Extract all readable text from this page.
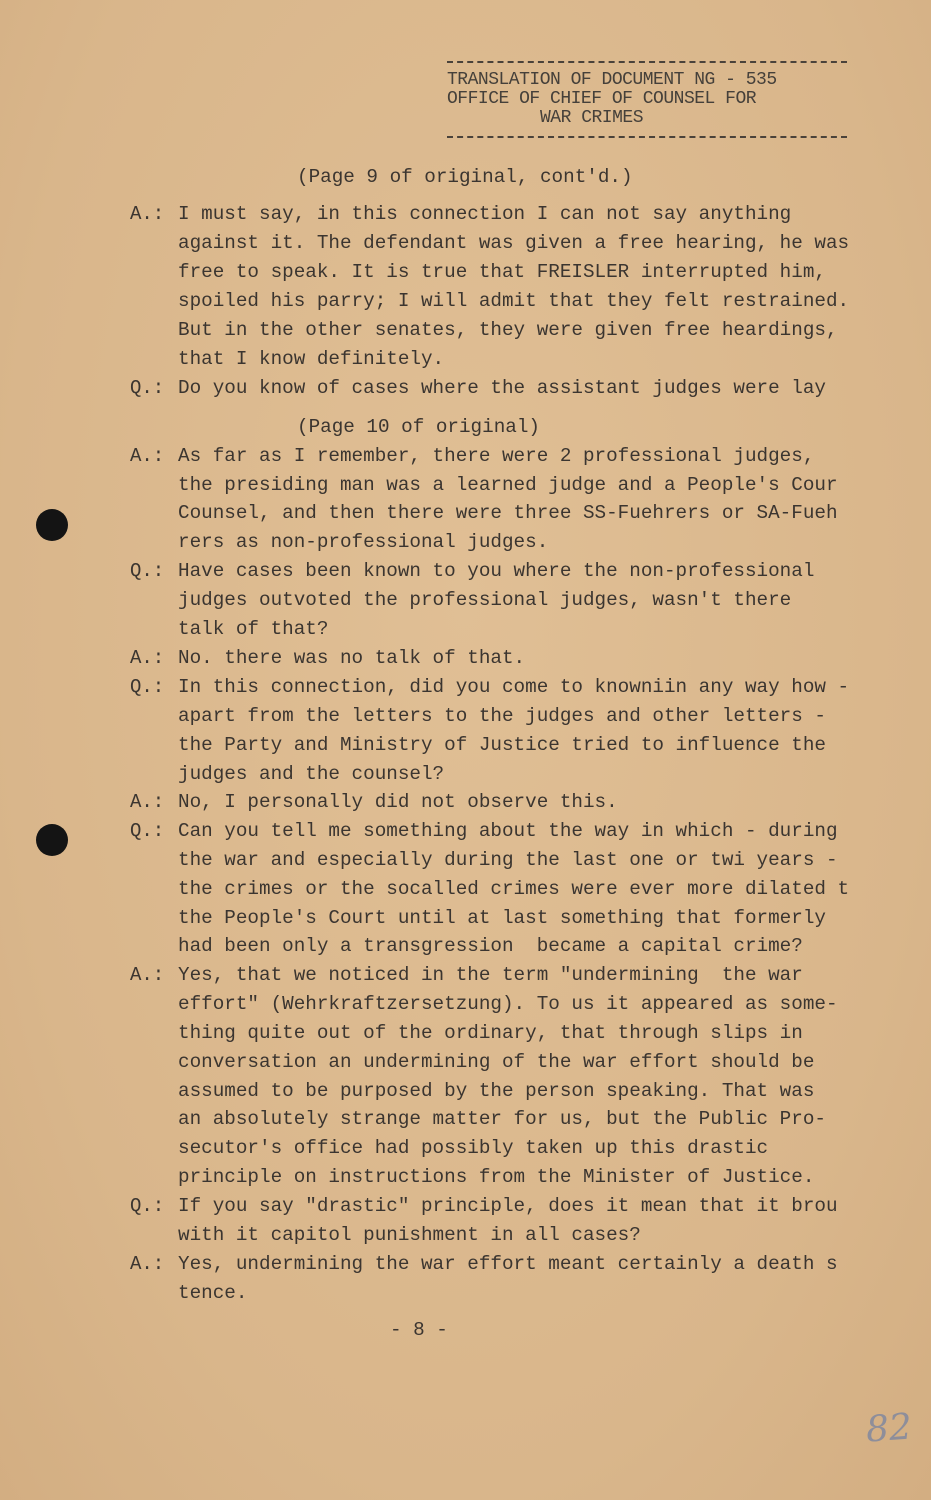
TRANSLATION OF DOCUMENT NG - 535
OFFICE OF CHIEF OF COUNSEL FOR
WAR CRIMES
(Page 9 of original, cont'd.)
(Page 10 of original)
A.: I must say, in this connection I can not say anything
against it. The defendant was given a free hearing, he was
free to speak. It is true that FREISLER interrupted him,
spoiled his parry; I will admit that they felt restrained.
But in the other senates, they were given free heardings,
that I know definitely.
Q.: Do you know of cases where the assistant judges were lay
A.: As far as I remember, there were 2 professional judges,
the presiding man was a learned judge and a People's Cour
Counsel, and then there were three SS-Fuehrers or SA-Fueh
rers as non-professional judges.
Q.: Have cases been known to you where the non-professional
judges outvoted the professional judges, wasn't there
talk of that?
A.: No. there was no talk of that.
Q.: In this connection, did you come to knowniin any way how -
apart from the letters to the judges and other letters -
the Party and Ministry of Justice tried to influence the
judges and the counsel?
A.: No, I personally did not observe this.
Q.: Can you tell me something about the way in which - during
the war and especially during the last one or twi years -
the crimes or the socalled crimes were ever more dilated t
the People's Court until at last something that formerly
had been only a transgression  became a capital crime?
A.: Yes, that we noticed in the term "undermining  the war
effort" (Wehrkraftzersetzung). To us it appeared as some-
thing quite out of the ordinary, that through slips in
conversation an undermining of the war effort should be
assumed to be purposed by the person speaking. That was
an absolutely strange matter for us, but the Public Pro-
secutor's office had possibly taken up this drastic
principle on instructions from the Minister of Justice.
Q.: If you say "drastic" principle, does it mean that it brou
with it capitol punishment in all cases?
A.: Yes, undermining the war effort meant certainly a death s
tence.
- 8 -
82
